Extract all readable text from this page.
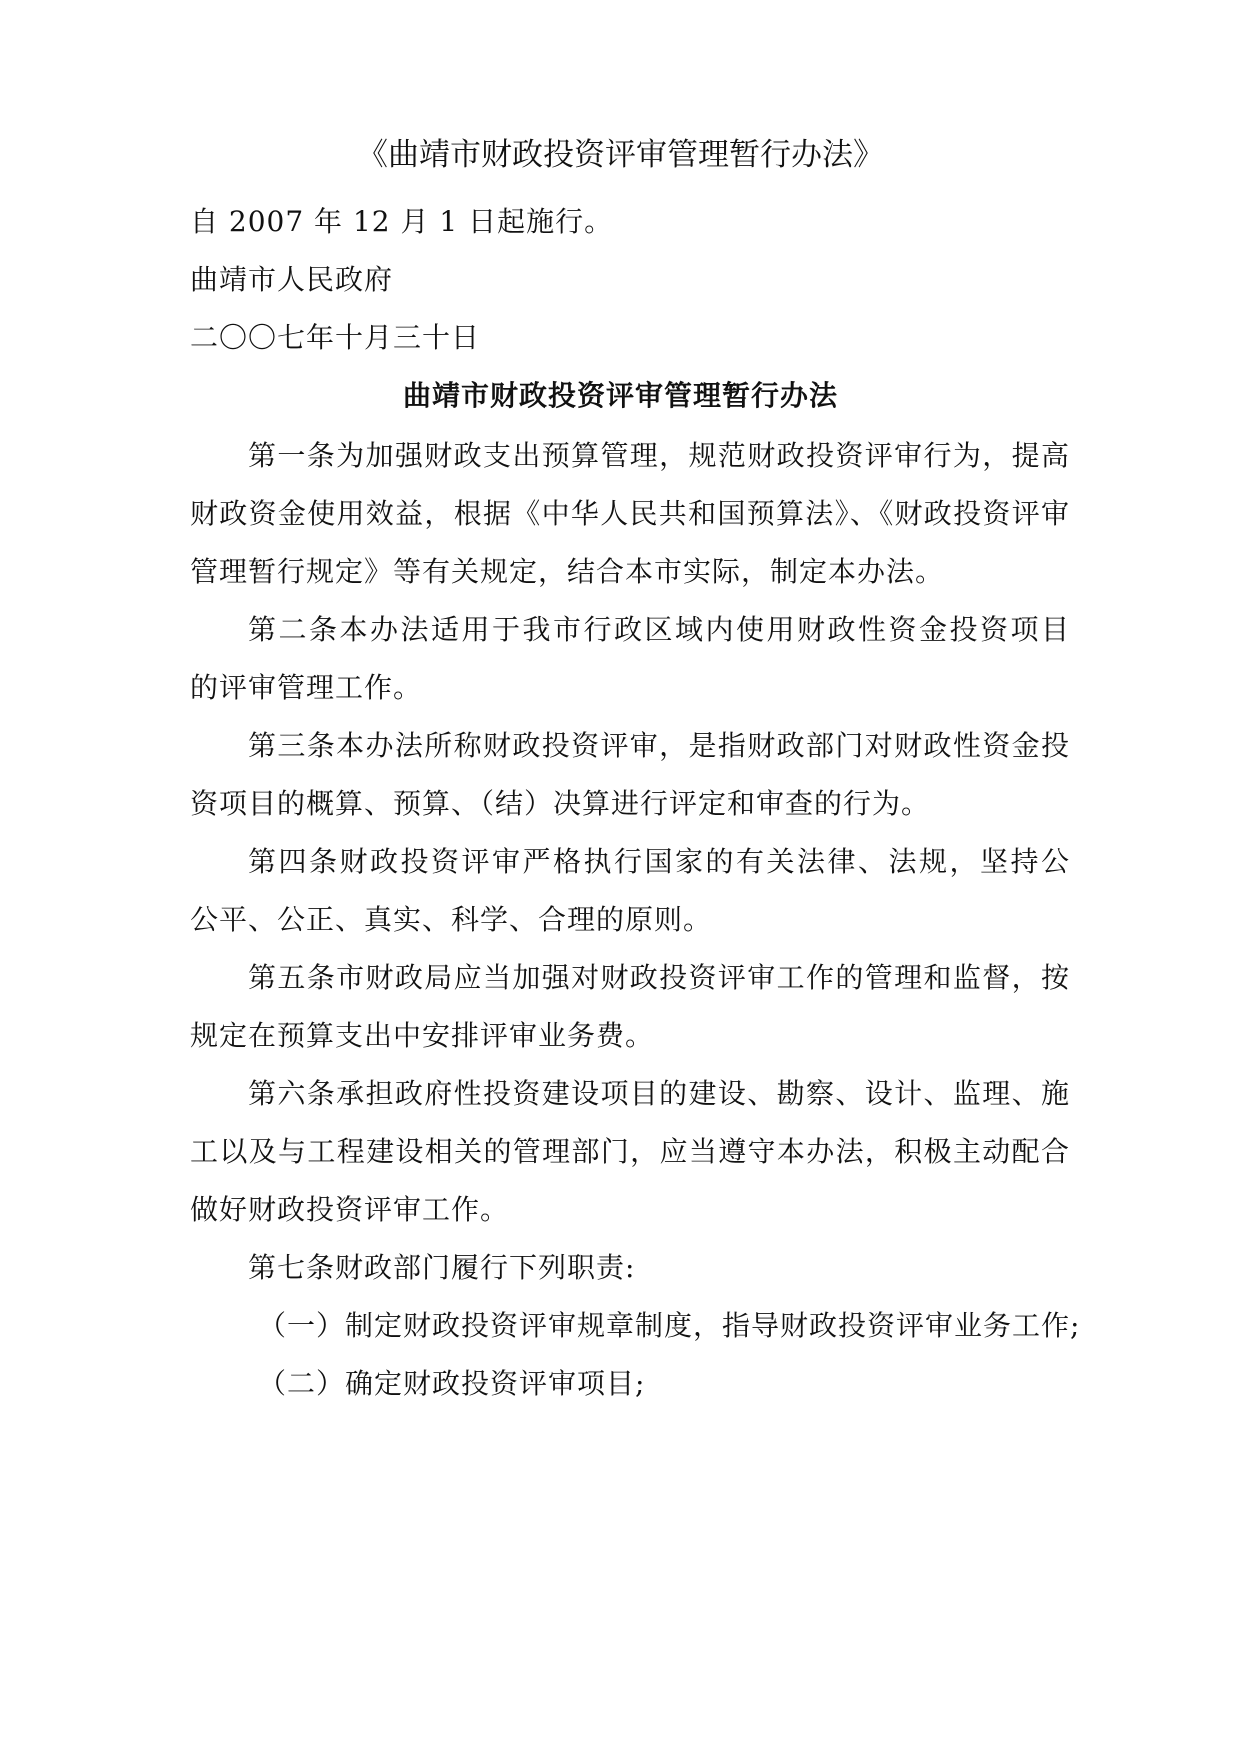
《曲靖市财政投资评审管理暂行办法》
自 2007 年 12 月 1 日起施行。
曲靖市人民政府
二〇〇七年十月三十日
曲靖市财政投资评审管理暂行办法
第一条为加强财政支出预算管理，规范财政投资评审行为，提高
财政资金使用效益，根据《中华人民共和国预算法》、《财政投资评审
管理暂行规定》等有关规定，结合本市实际，制定本办法。
第二条本办法适用于我市行政区域内使用财政性资金投资项目
的评审管理工作。
第三条本办法所称财政投资评审，是指财政部门对财政性资金投
资项目的概算、预算、（结）决算进行评定和审查的行为。
第四条财政投资评审严格执行国家的有关法律、法规，坚持公
公平、公正、真实、科学、合理的原则。
第五条市财政局应当加强对财政投资评审工作的管理和监督，按
规定在预算支出中安排评审业务费。
第六条承担政府性投资建设项目的建设、勘察、设计、监理、施
工以及与工程建设相关的管理部门，应当遵守本办法，积极主动配合
做好财政投资评审工作。
第七条财政部门履行下列职责:
（一）制定财政投资评审规章制度，指导财政投资评审业务工作;
（二）确定财政投资评审项目;
